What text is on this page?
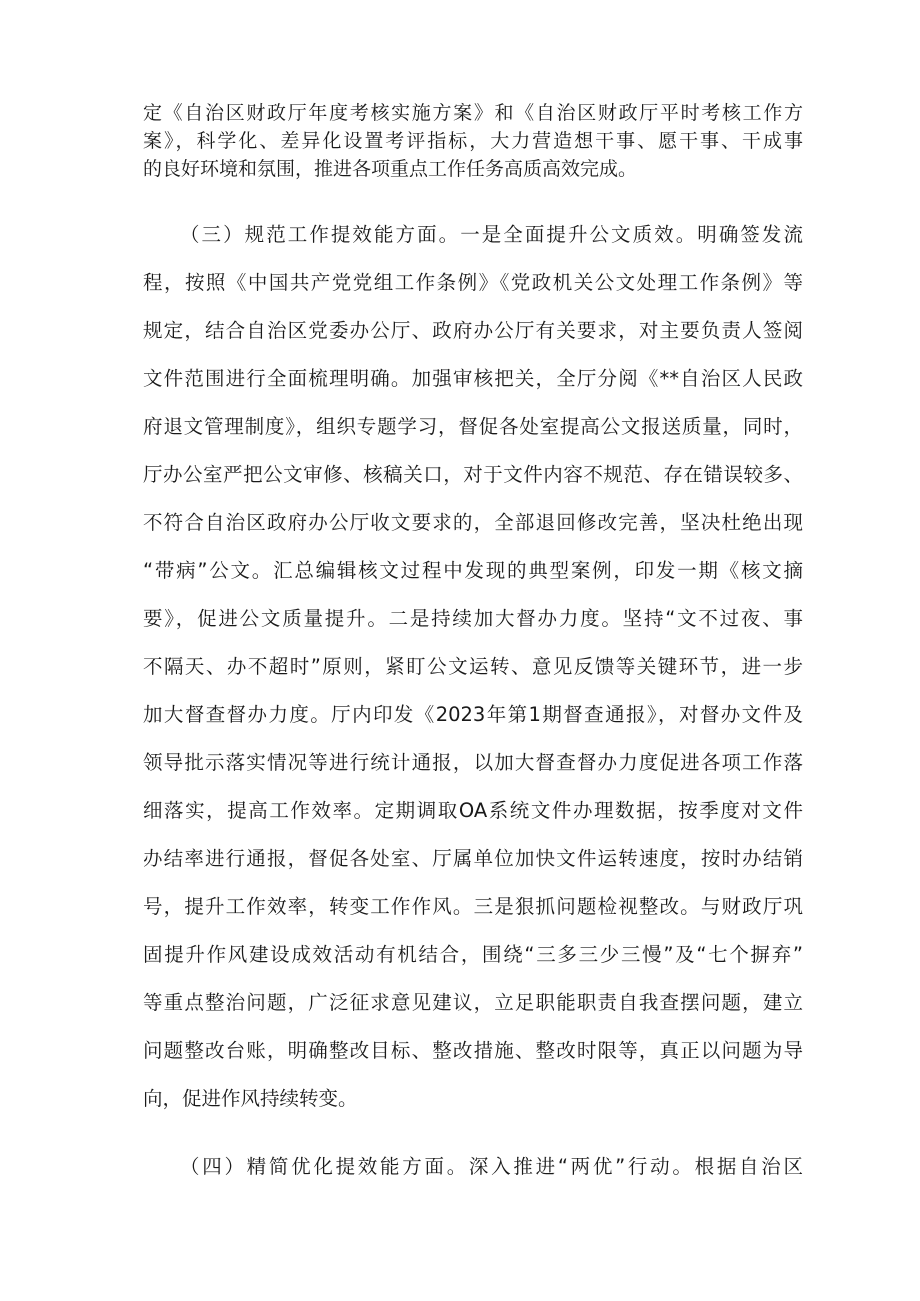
定《自治区财政厅年度考核实施方案》和《自治区财政厅平时考核工作方
案》，科学化、差异化设置考评指标，大力营造想干事、愿干事、干成事
的良好环境和氛围，推进各项重点工作任务高质高效完成。
（三）规范工作提效能方面。一是全面提升公文质效。明确签发流
程，按照《中国共产党党组工作条例》《党政机关公文处理工作条例》等
规定，结合自治区党委办公厅、政府办公厅有关要求，对主要负责人签阅
文件范围进行全面梳理明确。加强审核把关，全厅分阅《**自治区人民政
府退文管理制度》，组织专题学习，督促各处室提高公文报送质量，同时，
厅办公室严把公文审修、核稿关口，对于文件内容不规范、存在错误较多、
不符合自治区政府办公厅收文要求的，全部退回修改完善，坚决杜绝出现
“带病”公文。汇总编辑核文过程中发现的典型案例，印发一期《核文摘
要》，促进公文质量提升。二是持续加大督办力度。坚持“文不过夜、事
不隔天、办不超时”原则，紧盯公文运转、意见反馈等关键环节，进一步
加大督查督办力度。厅内印发《2023年第1期督查通报》，对督办文件及
领导批示落实情况等进行统计通报，以加大督查督办力度促进各项工作落
细落实，提高工作效率。定期调取OA系统文件办理数据，按季度对文件
办结率进行通报，督促各处室、厅属单位加快文件运转速度，按时办结销
号，提升工作效率，转变工作作风。三是狠抓问题检视整改。与财政厅巩
固提升作风建设成效活动有机结合，围绕“三多三少三慢”及“七个摒弃”
等重点整治问题，广泛征求意见建议，立足职能职责自我查摆问题，建立
问题整改台账，明确整改目标、整改措施、整改时限等，真正以问题为导
向，促进作风持续转变。
（四）精简优化提效能方面。深入推进“两优”行动。根据自治区
